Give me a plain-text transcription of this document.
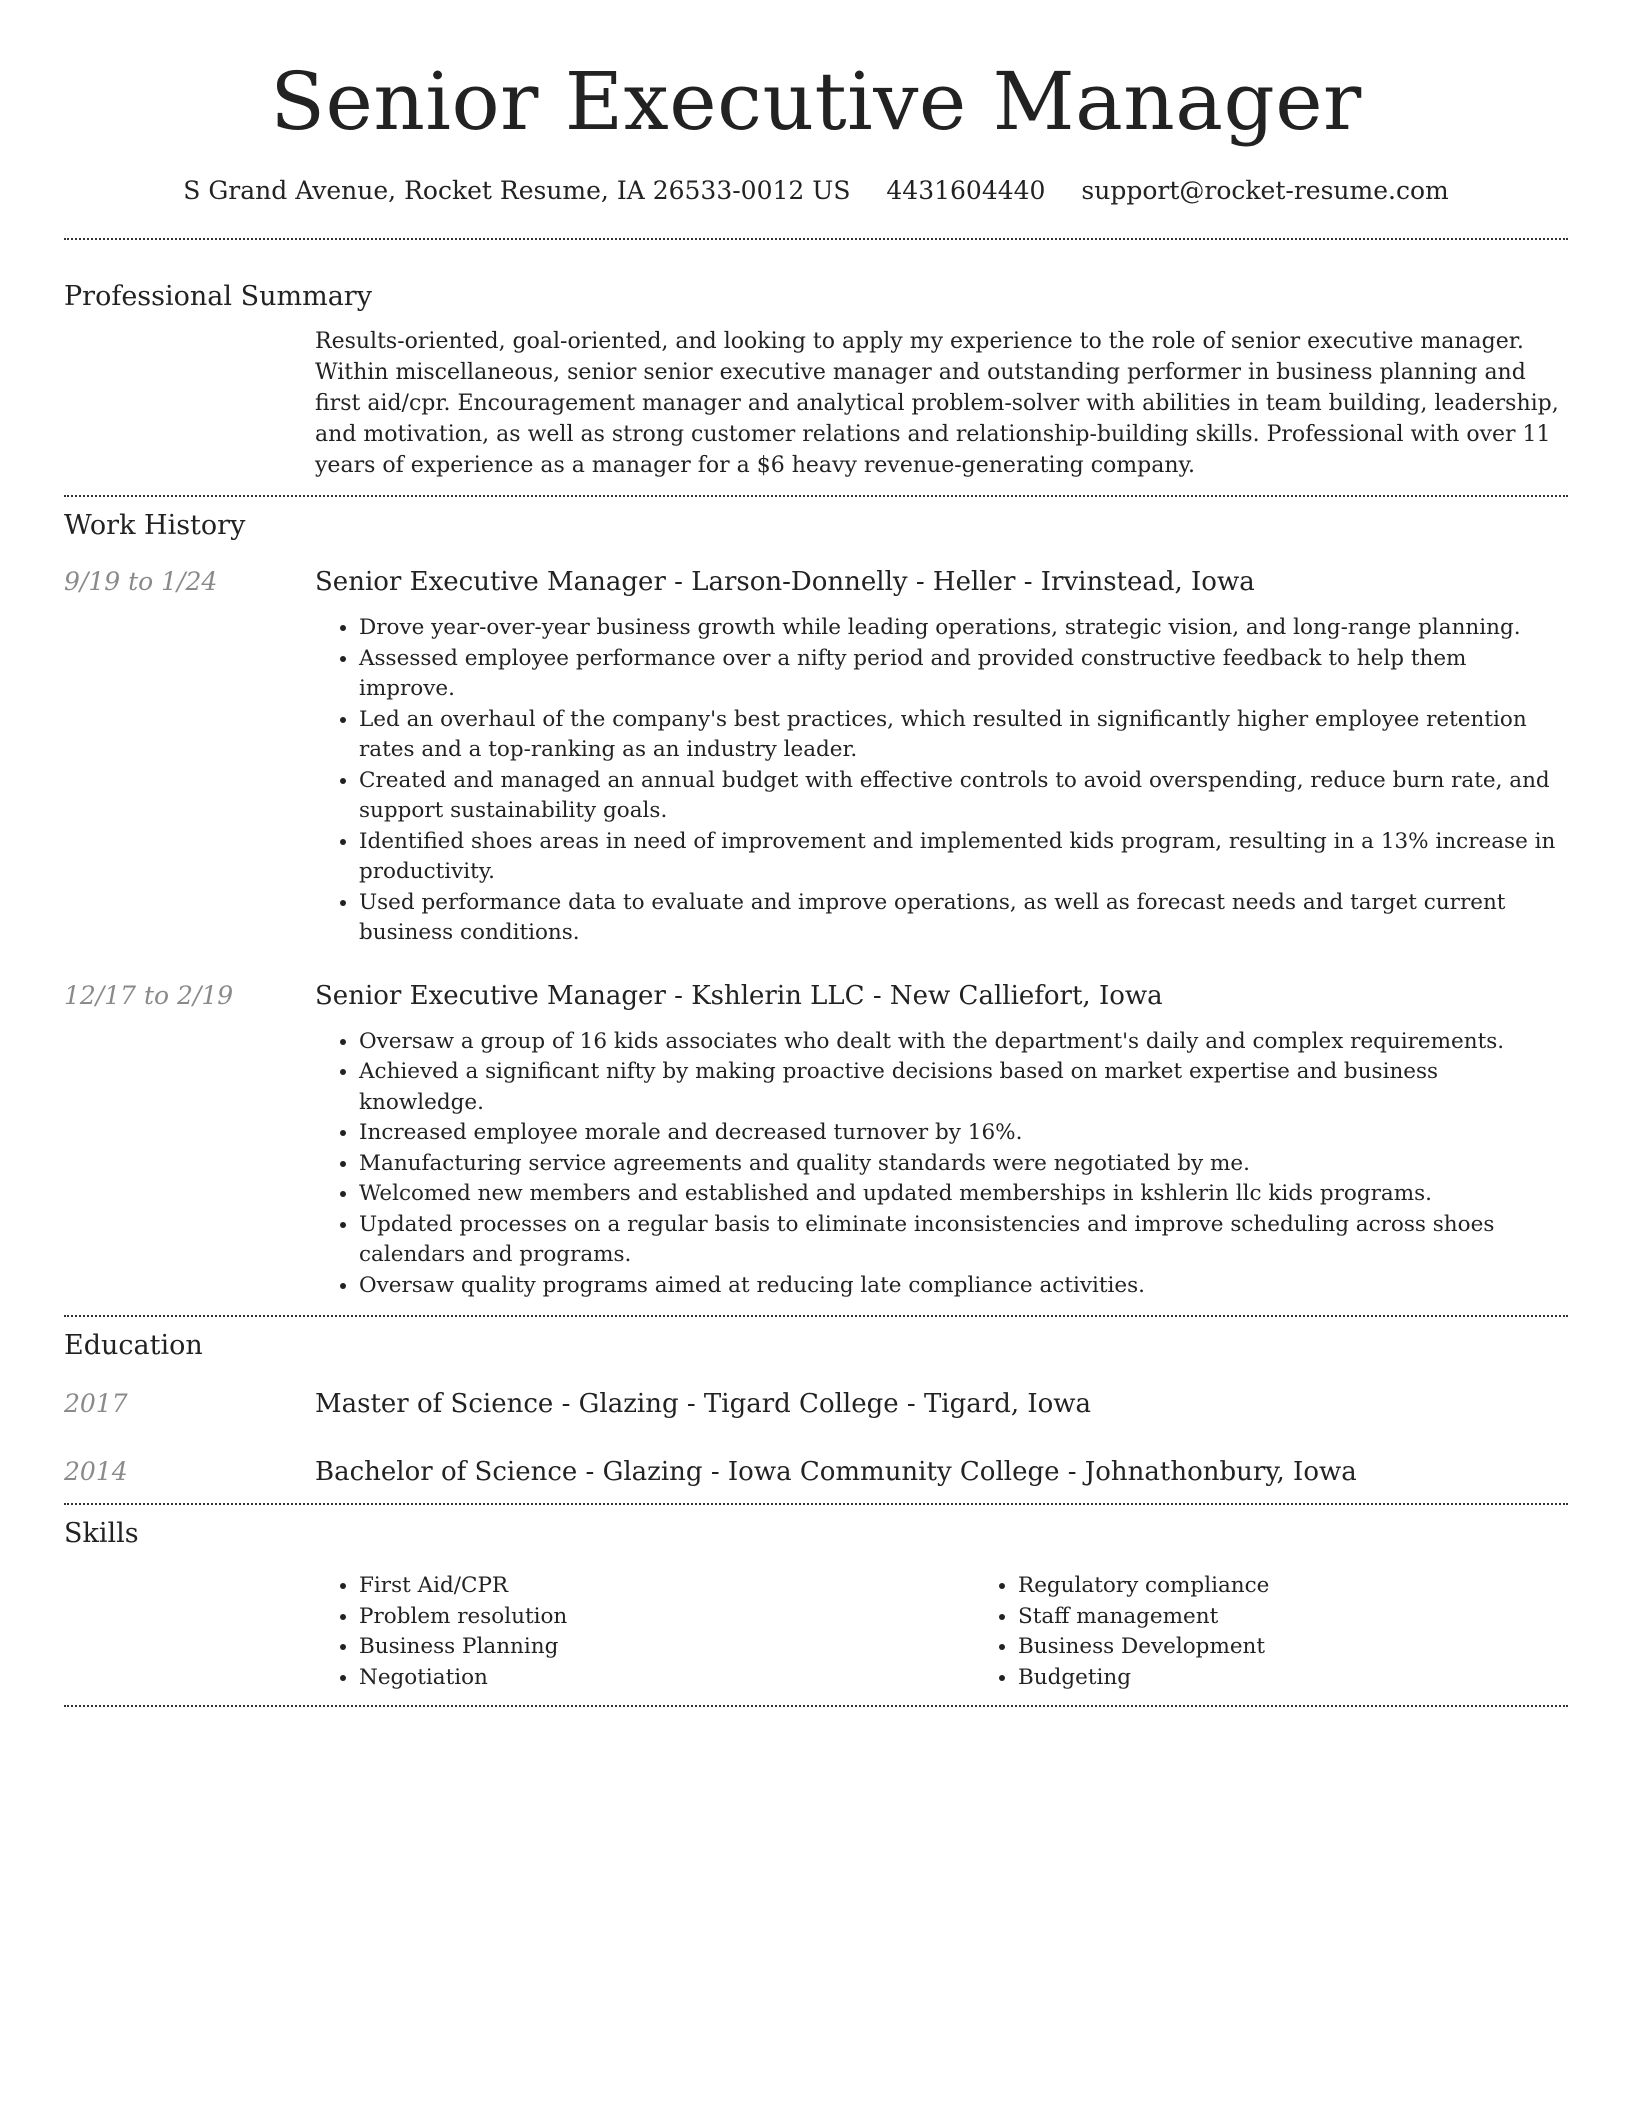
Senior Executive Manager
S Grand Avenue, Rocket Resume, IA 26533-0012 US 4431604440 support@rocket-resume.com
Professional Summary
Results-oriented, goal-oriented, and looking to apply my experience to the role of senior executive manager. Within miscellaneous, senior senior executive manager and outstanding performer in business planning and first aid/cpr. Encouragement manager and analytical problem-solver with abilities in team building, leadership, and motivation, as well as strong customer relations and relationship-building skills. Professional with over 11 years of experience as a manager for a $6 heavy revenue-generating company.
Work History
9/19 to 1/24	Senior Executive Manager - Larson-Donnelly - Heller - Irvinstead, Iowa
• Drove year-over-year business growth while leading operations, strategic vision, and long-range planning.
• Assessed employee performance over a nifty period and provided constructive feedback to help them improve.
• Led an overhaul of the company's best practices, which resulted in significantly higher employee retention rates and a top-ranking as an industry leader.
• Created and managed an annual budget with effective controls to avoid overspending, reduce burn rate, and support sustainability goals.
• Identified shoes areas in need of improvement and implemented kids program, resulting in a 13% increase in productivity.
• Used performance data to evaluate and improve operations, as well as forecast needs and target current business conditions.
12/17 to 2/19	Senior Executive Manager - Kshlerin LLC - New Calliefort, Iowa
• Oversaw a group of 16 kids associates who dealt with the department's daily and complex requirements.
• Achieved a significant nifty by making proactive decisions based on market expertise and business knowledge.
• Increased employee morale and decreased turnover by 16%.
• Manufacturing service agreements and quality standards were negotiated by me.
• Welcomed new members and established and updated memberships in kshlerin llc kids programs.
• Updated processes on a regular basis to eliminate inconsistencies and improve scheduling across shoes calendars and programs.
• Oversaw quality programs aimed at reducing late compliance activities.
Education
2017	Master of Science - Glazing - Tigard College - Tigard, Iowa
2014	Bachelor of Science - Glazing - Iowa Community College - Johnathonbury, Iowa
Skills
• First Aid/CPR
• Problem resolution
• Business Planning
• Negotiation
• Regulatory compliance
• Staff management
• Business Development
• Budgeting
